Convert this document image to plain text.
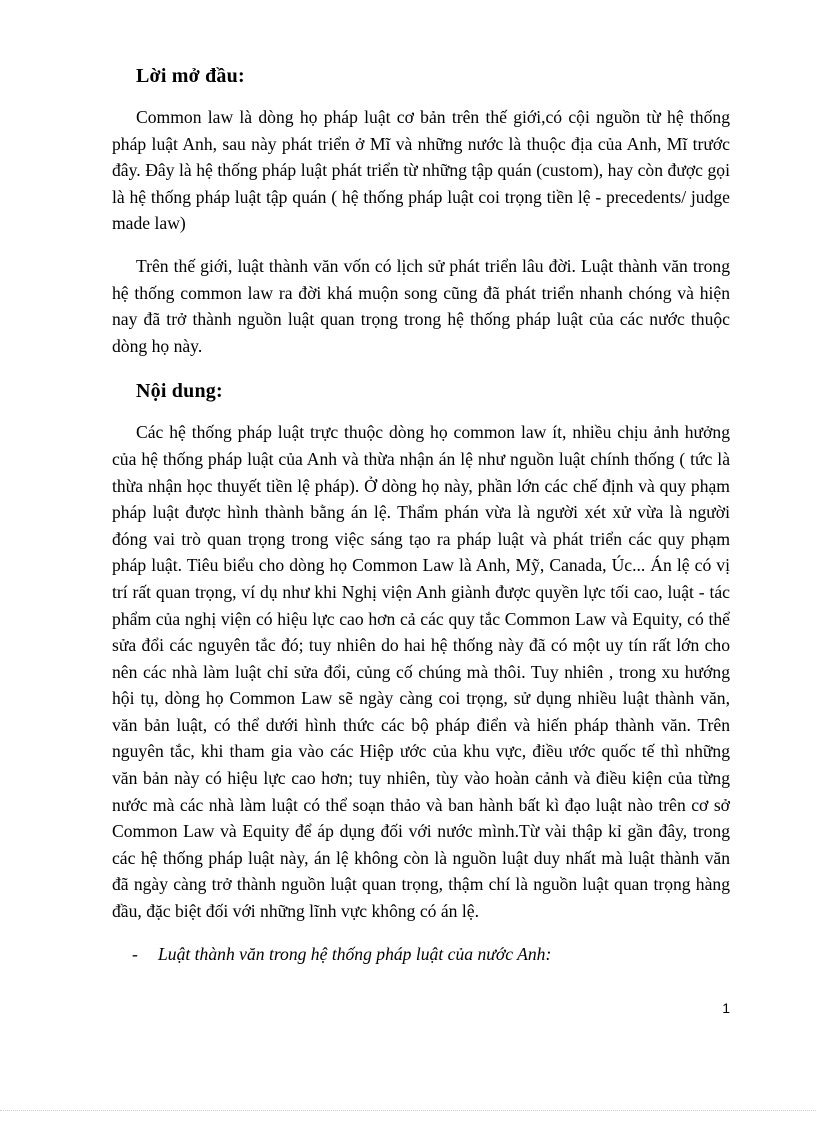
Lời mở đầu:

Common law là dòng họ pháp luật cơ bản trên thế giới,có cội nguồn từ hệ thống pháp luật Anh, sau này phát triển ở Mĩ và những nước là thuộc địa của Anh, Mĩ trước đây. Đây là hệ thống pháp luật phát triển từ những tập quán (custom), hay còn được gọi là hệ thống pháp luật tập quán ( hệ thống pháp luật coi trọng tiền lệ - precedents/ judge made law)

Trên thế giới, luật thành văn vốn có lịch sử phát triển lâu đời. Luật thành văn trong hệ thống common law ra đời khá muộn song cũng đã phát triển nhanh chóng và hiện nay đã trở thành nguồn luật quan trọng trong hệ thống pháp luật của các nước thuộc dòng họ này.

Nội dung:

Các hệ thống pháp luật trực thuộc dòng họ common law ít, nhiều chịu ảnh hưởng của hệ thống pháp luật của Anh và thừa nhận án lệ như nguồn luật chính thống ( tức là thừa nhận học thuyết tiền lệ pháp). Ở dòng họ này, phần lớn các chế định và quy phạm pháp luật được hình thành bằng án lệ. Thẩm phán vừa là người xét xử vừa là người đóng vai trò quan trọng trong việc sáng tạo ra pháp luật và phát triển các quy phạm pháp luật. Tiêu biểu cho dòng họ Common Law là Anh, Mỹ, Canada, Úc... Án lệ có vị trí rất quan trọng, ví dụ như khi Nghị viện Anh giành được quyền lực tối cao, luật - tác phẩm của nghị viện có hiệu lực cao hơn cả các quy tắc Common Law và Equity, có thể sửa đổi các nguyên tắc đó; tuy nhiên do hai hệ thống này đã có một uy tín rất lớn cho nên các nhà làm luật chỉ sửa đổi, củng cố chúng mà thôi. Tuy nhiên , trong xu hướng hội tụ, dòng họ Common Law sẽ ngày càng coi trọng, sử dụng nhiều luật thành văn, văn bản luật, có thể dưới hình thức các bộ pháp điển và hiến pháp thành văn. Trên nguyên tắc, khi tham gia vào các Hiệp ước của khu vực, điều ước quốc tế thì những văn bản này có hiệu lực cao hơn; tuy nhiên, tùy vào hoàn cảnh và điều kiện của từng nước mà các nhà làm luật có thể soạn thảo và ban hành bất kì đạo luật nào trên cơ sở Common Law và Equity để áp dụng đối với nước mình.Từ vài thập kỉ gần đây, trong các hệ thống pháp luật này, án lệ không còn là nguồn luật duy nhất mà luật thành văn đã ngày càng trở thành nguồn luật quan trọng, thậm chí là nguồn luật quan trọng hàng đầu, đặc biệt đối với những lĩnh vực không có án lệ.

-	Luật thành văn trong hệ thống pháp luật của nước Anh:
1
